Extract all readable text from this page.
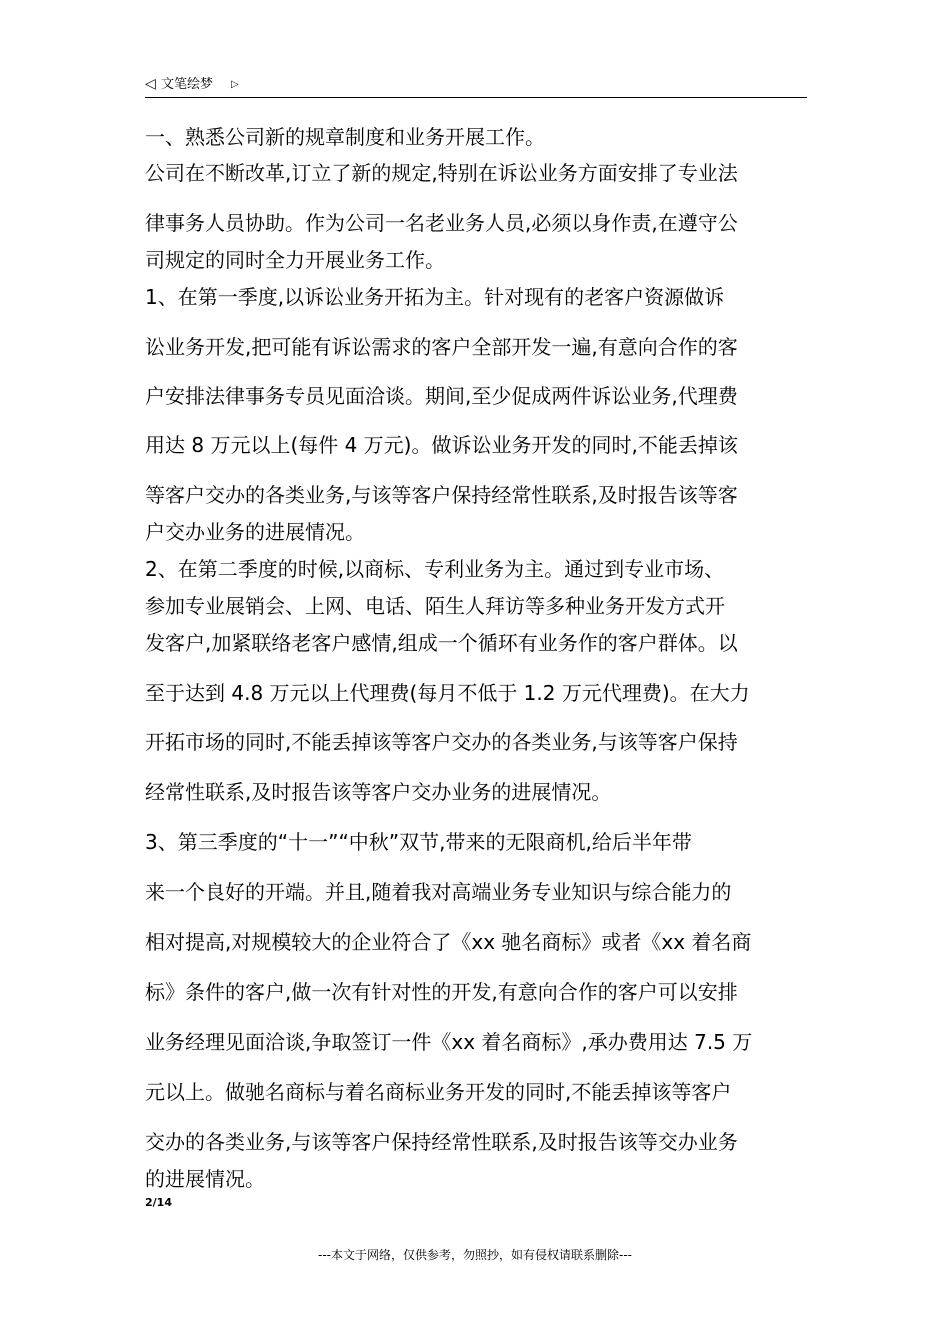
◁ 文笔绘梦 ▷
一、熟悉公司新的规章制度和业务开展工作。
公司在不断改革,订立了新的规定,特别在诉讼业务方面安排了专业法
律事务人员协助。作为公司一名老业务人员,必须以身作责,在遵守公
司规定的同时全力开展业务工作。
1、在第一季度,以诉讼业务开拓为主。针对现有的老客户资源做诉
讼业务开发,把可能有诉讼需求的客户全部开发一遍,有意向合作的客
户安排法律事务专员见面洽谈。期间,至少促成两件诉讼业务,代理费
用达 8 万元以上(每件 4 万元)。做诉讼业务开发的同时,不能丢掉该
等客户交办的各类业务,与该等客户保持经常性联系,及时报告该等客
户交办业务的进展情况。
2、在第二季度的时候,以商标、专利业务为主。通过到专业市场、
参加专业展销会、上网、电话、陌生人拜访等多种业务开发方式开
发客户,加紧联络老客户感情,组成一个循环有业务作的客户群体。以
至于达到 4.8 万元以上代理费(每月不低于 1.2 万元代理费)。在大力
开拓市场的同时,不能丢掉该等客户交办的各类业务,与该等客户保持
经常性联系,及时报告该等客户交办业务的进展情况。
3、第三季度的“十一”“中秋”双节,带来的无限商机,给后半年带
来一个良好的开端。并且,随着我对高端业务专业知识与综合能力的
相对提高,对规模较大的企业符合了《xx 驰名商标》或者《xx 着名商
标》条件的客户,做一次有针对性的开发,有意向合作的客户可以安排
业务经理见面洽谈,争取签订一件《xx 着名商标》,承办费用达 7.5 万
元以上。做驰名商标与着名商标业务开发的同时,不能丢掉该等客户
交办的各类业务,与该等客户保持经常性联系,及时报告该等交办业务
的进展情况。
2/14
---本文于网络，仅供参考，勿照抄，如有侵权请联系删除---
